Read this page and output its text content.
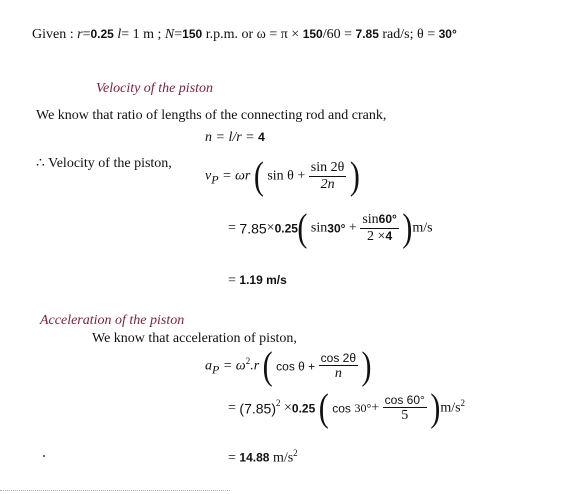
Given : r=0.25 l= 1 m ; N=150 r.p.m. or ω = π × 150/60 = 7.85 rad/s; θ = 30°
Velocity of the piston
We know that ratio of lengths of the connecting rod and crank,
n = l/r = 4
∴ Velocity of the piston,
$v_P = \omega r$ ( $\sin \theta + \frac{\sin 2\theta}{2n}$ )
= 7.85×0.25 ( $\sin 30^\circ + \frac{\sin 60^\circ}{2 \times 4} )m/s$
= 1.19 m/s
Acceleration of the piston
We know that acceleration of piston,
$a_P = \omega^2.r$ ( $\cos \theta + \frac{\cos 2\theta}{n}$ )
= $(7.85)^2 \times 0.25$ ( $\cos 30^\circ+ \frac{\cos 60^\circ}{5} )m/s^2$
= 14.88 $m/s^2$
